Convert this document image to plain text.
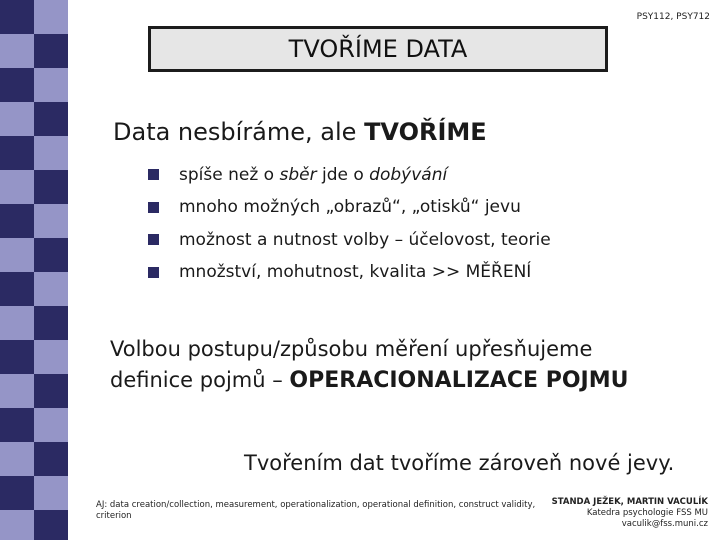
PSY112, PSY712
TVOŘÍME DATA
Data nesbíráme, ale TVOŘÍME
spíše než o sběr jde o dobývání
mnoho možných „obrazů“, „otisků“ jevu
možnost a nutnost volby – účelovost, teorie
množství, mohutnost, kvalita >> MĚŘENÍ
Volbou postupu/způsobu měření upřesňujeme
definice pojmů – OPERACIONALIZACE POJMU
Tvořením dat tvoříme zároveň nové jevy.
AJ: data creation/collection, measurement, operationalization, operational definition, construct validity, criterion
STANDA JEŽEK, MARTIN VACULÍK
Katedra psychologie FSS MU
vaculik@fss.muni.cz
